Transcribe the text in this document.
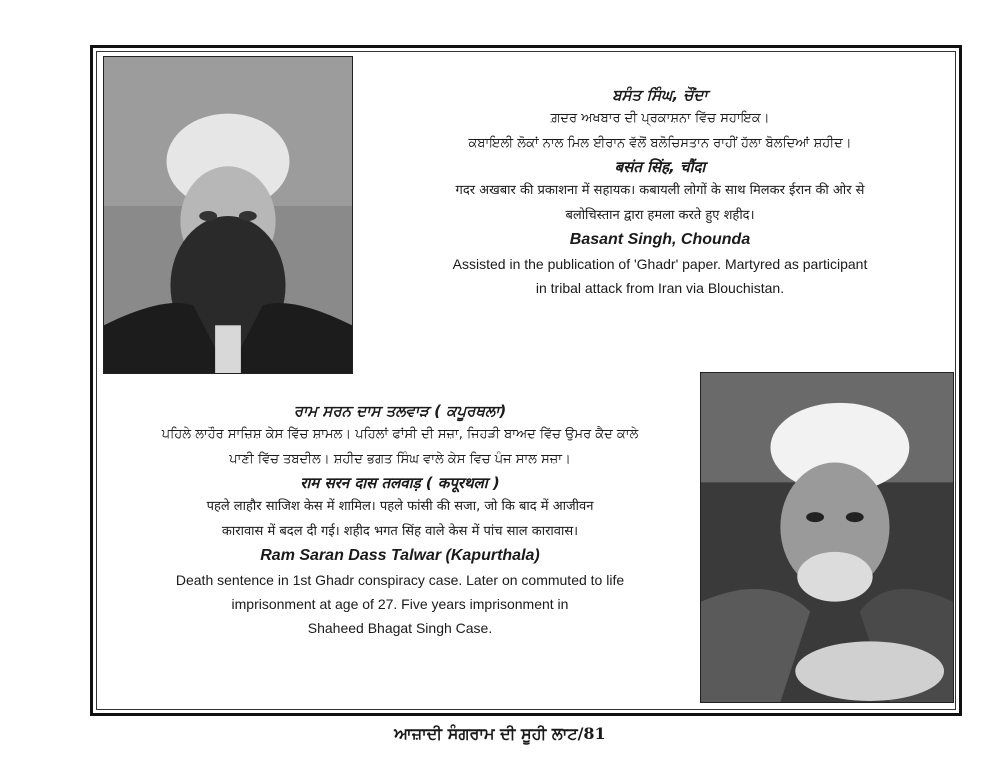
ਬਸੰਤ ਸਿੰਘ, ਚੌਂਦਾ
ਗ਼ਦਰ ਅਖਬਾਰ ਦੀ ਪ੍ਰਕਾਸ਼ਨਾ ਵਿੱਚ ਸਹਾਇਕ।
ਕਬਾਇਲੀ ਲੋਕਾਂ ਨਾਲ ਮਿਲ ਈਰਾਨ ਵੱਲੋਂ ਬਲੋਚਿਸਤਾਨ ਰਾਹੀਂ ਹੱਲਾ ਬੋਲਦਿਆਂ ਸ਼ਹੀਦ।
बसंत सिंह, चौंदा
गदर अखबार की प्रकाशना में सहायक। कबायली लोगों के साथ मिलकर ईरान की ओर से
बलोचिस्तान द्वारा हमला करते हुए शहीद।
Basant Singh, Chounda
Assisted in the publication of 'Ghadr' paper. Martyred as participant
in tribal attack from Iran via Blouchistan.
ਰਾਮ ਸਰਨ ਦਾਸ ਤਲਵਾੜ ( ਕਪੂਰਥਲਾ)
ਪਹਿਲੇ ਲਾਹੌਰ ਸਾਜ਼ਿਸ਼ ਕੇਸ ਵਿੱਚ ਸ਼ਾਮਲ। ਪਹਿਲਾਂ ਫਾਂਸੀ ਦੀ ਸਜ਼ਾ, ਜਿਹੜੀ ਬਾਅਦ ਵਿੱਚ ਉਮਰ ਕੈਦ ਕਾਲੇ
ਪਾਣੀ ਵਿੱਚ ਤਬਦੀਲ। ਸ਼ਹੀਦ ਭਗਤ ਸਿੰਘ ਵਾਲੇ ਕੇਸ ਵਿਚ ਪੰਜ ਸਾਲ ਸਜ਼ਾ।
राम सरन दास तलवाड़ ( कपूरथला )
पहले लाहौर साजिश केस में शामिल। पहले फांसी की सजा, जो कि बाद में आजीवन
कारावास में बदल दी गई। शहीद भगत सिंह वाले केस में पांच साल कारावास।
Ram Saran Dass Talwar (Kapurthala)
Death sentence in 1st Ghadr conspiracy case. Later on commuted to life
imprisonment at age of 27. Five years imprisonment in
Shaheed Bhagat Singh Case.
ਆਜ਼ਾਦੀ ਸੰਗਰਾਮ ਦੀ ਸੂਹੀ ਲਾਟ/81
